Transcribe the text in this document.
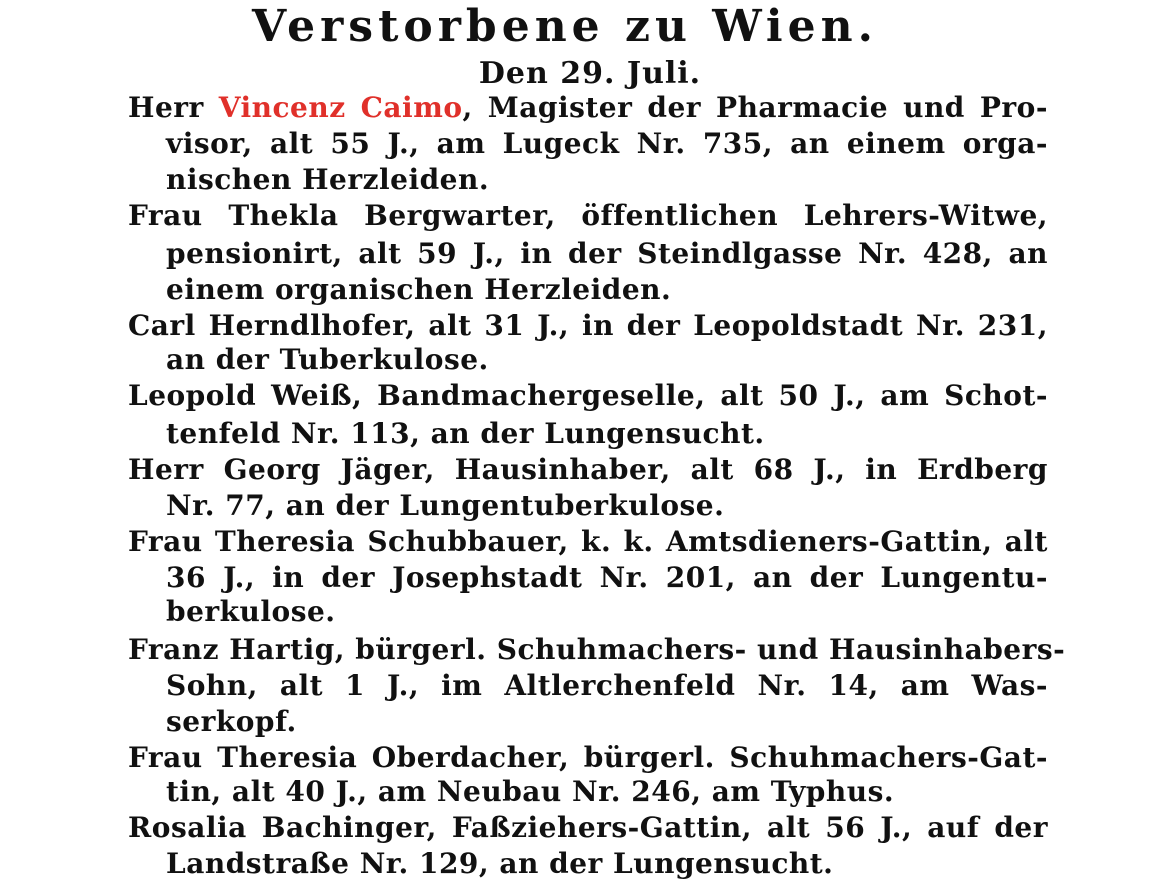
Verstorbene zu Wien.
Den 29. Juli.
Herr Vincenz Caimo, Magister der Pharmacie und Pro-
visor, alt 55 J., am Lugeck Nr. 735, an einem orga-
nischen Herzleiden.
Frau Thekla Bergwarter, öffentlichen Lehrers-Witwe,
pensionirt, alt 59 J., in der Steindlgasse Nr. 428, an
einem organischen Herzleiden.
Carl Herndlhofer, alt 31 J., in der Leopoldstadt Nr. 231,
an der Tuberkulose.
Leopold Weiß, Bandmachergeselle, alt 50 J., am Schot-
tenfeld Nr. 113, an der Lungensucht.
Herr Georg Jäger, Hausinhaber, alt 68 J., in Erdberg
Nr. 77, an der Lungentuberkulose.
Frau Theresia Schubbauer, k. k. Amtsdieners-Gattin, alt
36 J., in der Josephstadt Nr. 201, an der Lungentu-
berkulose.
Franz Hartig, bürgerl. Schuhmachers- und Hausinhabers-
Sohn, alt 1 J., im Altlerchenfeld Nr. 14, am Was-
serkopf.
Frau Theresia Oberdacher, bürgerl. Schuhmachers-Gat-
tin, alt 40 J., am Neubau Nr. 246, am Typhus.
Rosalia Bachinger, Faßziehers-Gattin, alt 56 J., auf der
Landstraße Nr. 129, an der Lungensucht.
